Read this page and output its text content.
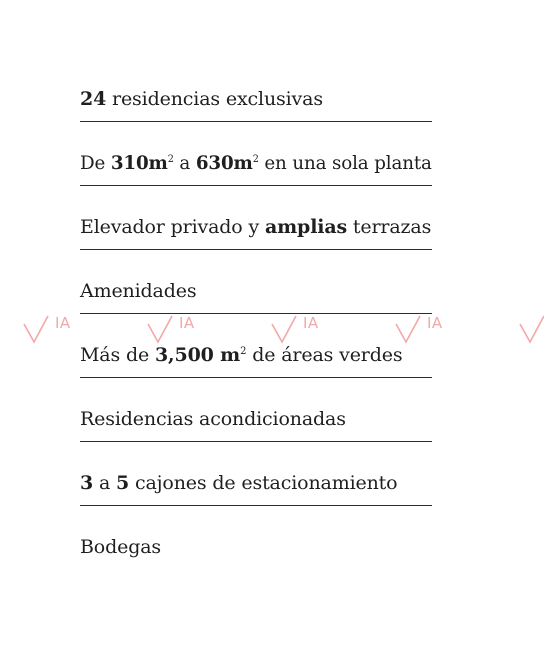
24 residencias exclusivas
De $310m^2$ a $630m^2$ en una sola planta
Elevador privado y amplias terrazas
Amenidades
Más de 3,500 $m^2$ de áreas verdes
Residencias acondicionadas
3 a 5 cajones de estacionamiento
Bodegas
IA	IA	IA	IA
